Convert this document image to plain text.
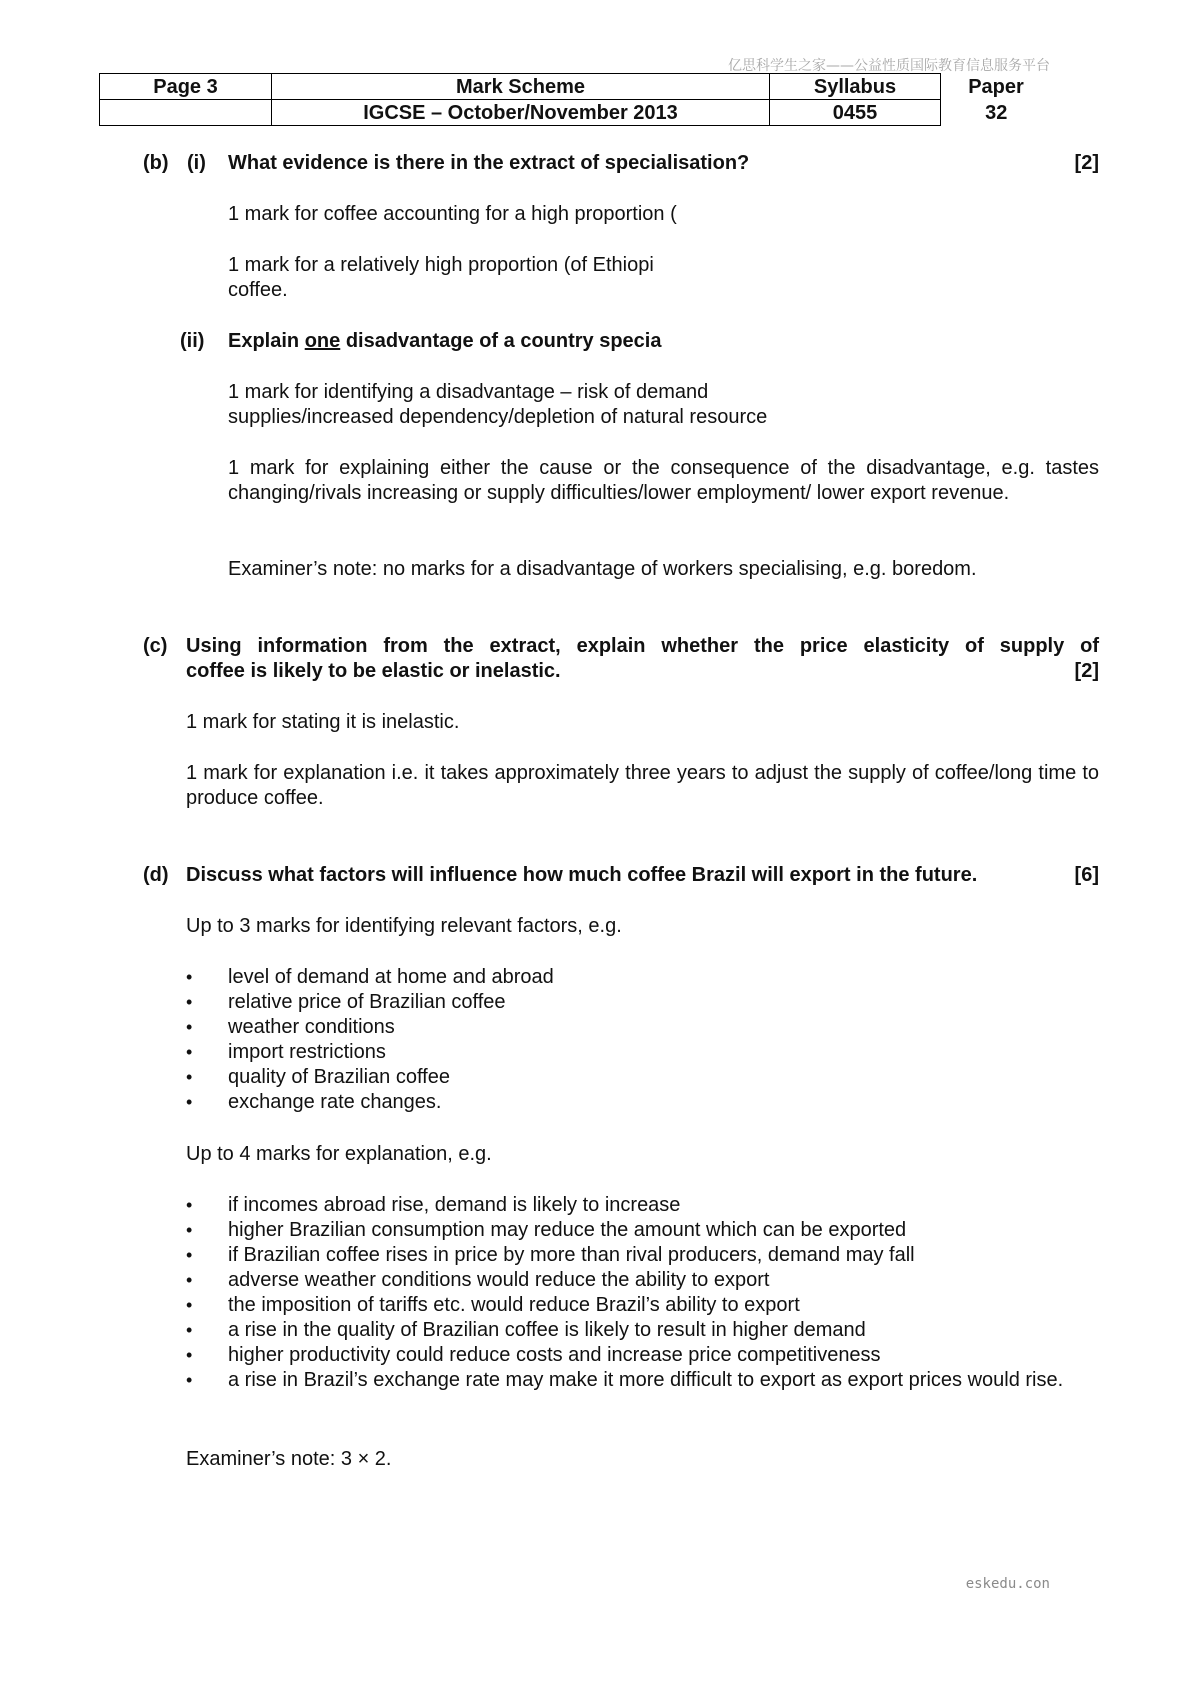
亿思科学生之家——公益性质国际教育信息服务平台
Page 3	Mark Scheme	Syllabus	Paper
	IGCSE – October/November 2013	0455	32
(b) (i) What evidence is there in the extract of specialisation?	[2]
1 mark for coffee accounting for a high proportion (
1 mark for a relatively high proportion (of Ethiopi
coffee.
(ii) Explain one disadvantage of a country specia
1 mark for identifying a disadvantage – risk of demand
supplies/increased dependency/depletion of natural resource
1 mark for explaining either the cause or the consequence of the disadvantage, e.g. tastes changing/rivals increasing or supply difficulties/lower employment/ lower export revenue.
Examiner’s note: no marks for a disadvantage of workers specialising, e.g. boredom.
(c) Using information from the extract, explain whether the price elasticity of supply of
coffee is likely to be elastic or inelastic.	[2]
1 mark for stating it is inelastic.
1 mark for explanation i.e. it takes approximately three years to adjust the supply of coffee/long time to produce coffee.
(d) Discuss what factors will influence how much coffee Brazil will export in the future.	[6]
Up to 3 marks for identifying relevant factors, e.g.
• level of demand at home and abroad
• relative price of Brazilian coffee
• weather conditions
• import restrictions
• quality of Brazilian coffee
• exchange rate changes.
Up to 4 marks for explanation, e.g.
• if incomes abroad rise, demand is likely to increase
• higher Brazilian consumption may reduce the amount which can be exported
• if Brazilian coffee rises in price by more than rival producers, demand may fall
• adverse weather conditions would reduce the ability to export
• the imposition of tariffs etc. would reduce Brazil’s ability to export
• a rise in the quality of Brazilian coffee is likely to result in higher demand
• higher productivity could reduce costs and increase price competitiveness
• a rise in Brazil’s exchange rate may make it more difficult to export as export prices would rise.
Examiner’s note: 3 × 2.
eskedu.con
